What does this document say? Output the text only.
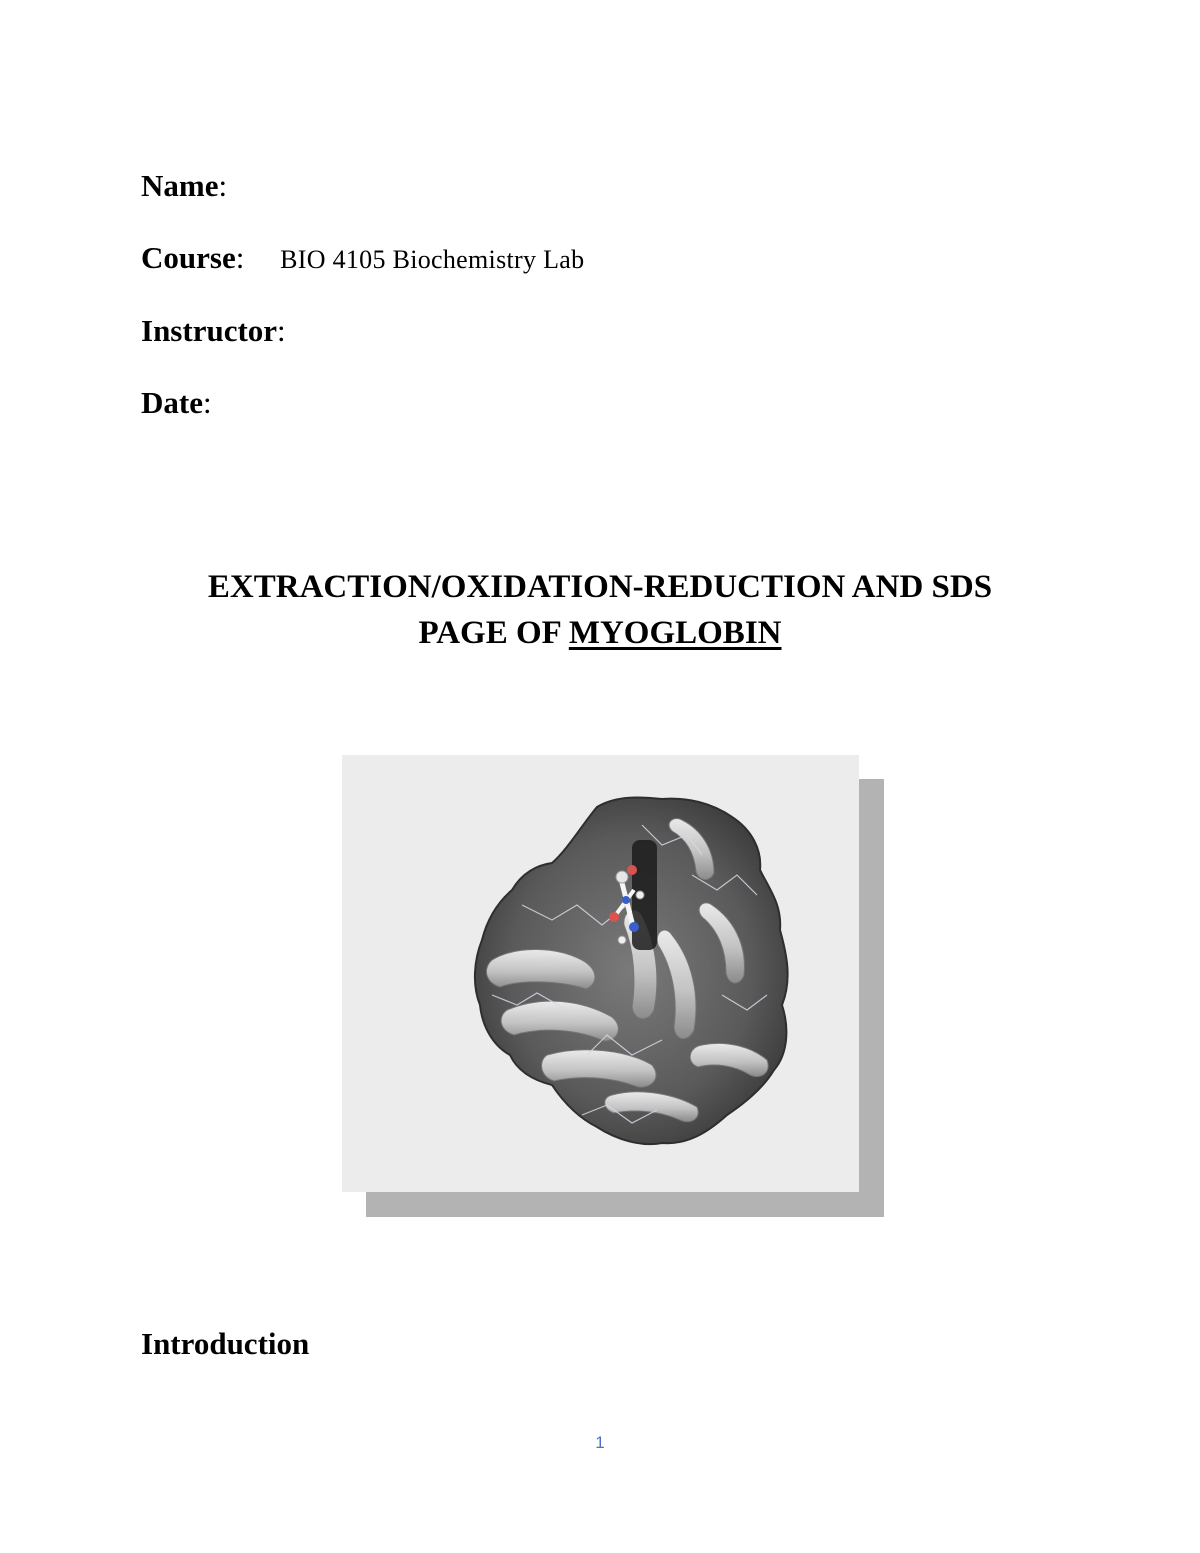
Name:
Course: BIO 4105 Biochemistry Lab
Instructor:
Date:
EXTRACTION/OXIDATION-REDUCTION AND SDS
PAGE OF MYOGLOBIN
Introduction
1
